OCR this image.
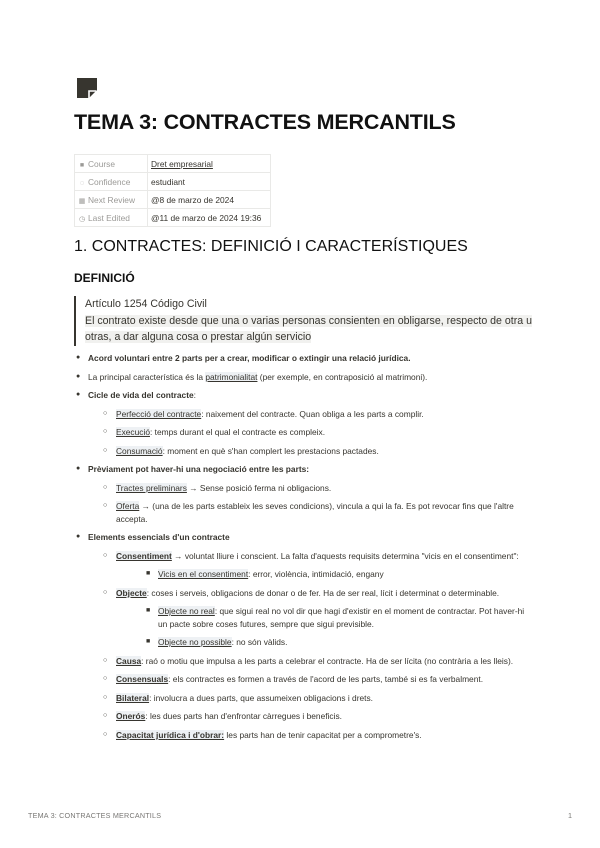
TEMA 3: CONTRACTES MERCANTILS
■ Course	Dret empresarial
◌ Confidence	estudiant
▦ Next Review	@8 de marzo de 2024
◷ Last Edited	@11 de marzo de 2024 19:36
1. CONTRACTES: DEFINICIÓ I CARACTERÍSTIQUES
DEFINICIÓ
Artículo 1254 Código Civil
El contrato existe desde que una o varias personas consienten en obligarse, respecto de otra u otras, a dar alguna cosa o prestar algún servicio
● Acord voluntari entre 2 parts per a crear, modificar o extingir una relació jurídica.
● La principal característica és la patrimonialitat (per exemple, en contraposició al matrimoni).
● Cicle de vida del contracte:
○ Perfecció del contracte: naixement del contracte. Quan obliga a les parts a complir.
○ Execució: temps durant el qual el contracte es compleix.
○ Consumació: moment en què s'han complert les prestacions pactades.
● Prèviament pot haver-hi una negociació entre les parts:
○ Tractes preliminars → Sense posició ferma ni obligacions.
○ Oferta → (una de les parts estableix les seves condicions), vincula a qui la fa. Es pot revocar fins que l'altre accepta.
● Elements essencials d'un contracte
○ Consentiment → voluntat lliure i conscient. La falta d'aquests requisits determina "vicis en el consentiment":
■ Vicis en el consentiment: error, violència, intimidació, engany
○ Objecte: coses i serveis, obligacions de donar o de fer. Ha de ser real, lícit i determinat o determinable.
■ Objecte no real: que sigui real no vol dir que hagi d'existir en el moment de contractar. Pot haver-hi un pacte sobre coses futures, sempre que sigui previsible.
■ Objecte no possible: no són vàlids.
○ Causa: raó o motiu que impulsa a les parts a celebrar el contracte. Ha de ser lícita (no contrària a les lleis).
○ Consensuals: els contractes es formen a través de l'acord de les parts, també si es fa verbalment.
○ Bilateral: involucra a dues parts, que assumeixen obligacions i drets.
○ Onerós: les dues parts han d'enfrontar càrregues i beneficis.
○ Capacitat jurídica i d'obrar: les parts han de tenir capacitat per a comprometre's.
TEMA 3: CONTRACTES MERCANTILS	1
